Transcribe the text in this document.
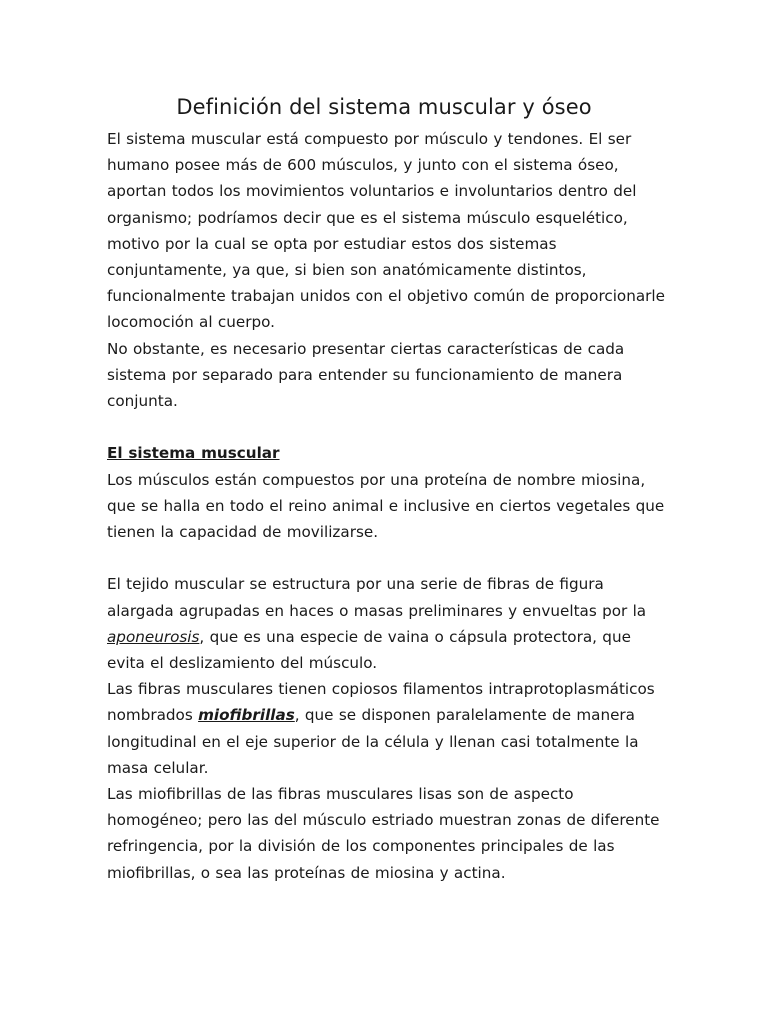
Definición del sistema muscular y óseo

El sistema muscular está compuesto por músculo y tendones. El ser humano posee más de 600 músculos, y junto con el sistema óseo, aportan todos los movimientos voluntarios e involuntarios dentro del organismo; podríamos decir que es el sistema músculo esquelético, motivo por la cual se opta por estudiar estos dos sistemas conjuntamente, ya que, si bien son anatómicamente distintos, funcionalmente trabajan unidos con el objetivo común de proporcionarle locomoción al cuerpo.

No obstante, es necesario presentar ciertas características de cada sistema por separado para entender su funcionamiento de manera conjunta.

El sistema muscular

Los músculos están compuestos por una proteína de nombre miosina, que se halla en todo el reino animal e inclusive en ciertos vegetales que tienen la capacidad de movilizarse.

El tejido muscular se estructura por una serie de fibras de figura alargada agrupadas en haces o masas preliminares y envueltas por la aponeurosis, que es una especie de vaina o cápsula protectora, que evita el deslizamiento del músculo.

Las fibras musculares tienen copiosos filamentos intraprotoplasmáticos nombrados miofibrillas, que se disponen paralelamente de manera longitudinal en el eje superior de la célula y llenan casi totalmente la masa celular.

Las miofibrillas de las fibras musculares lisas son de aspecto homogéneo; pero las del músculo estriado muestran zonas de diferente refringencia, por la división de los componentes principales de las miofibrillas, o sea las proteínas de miosina y actina.
